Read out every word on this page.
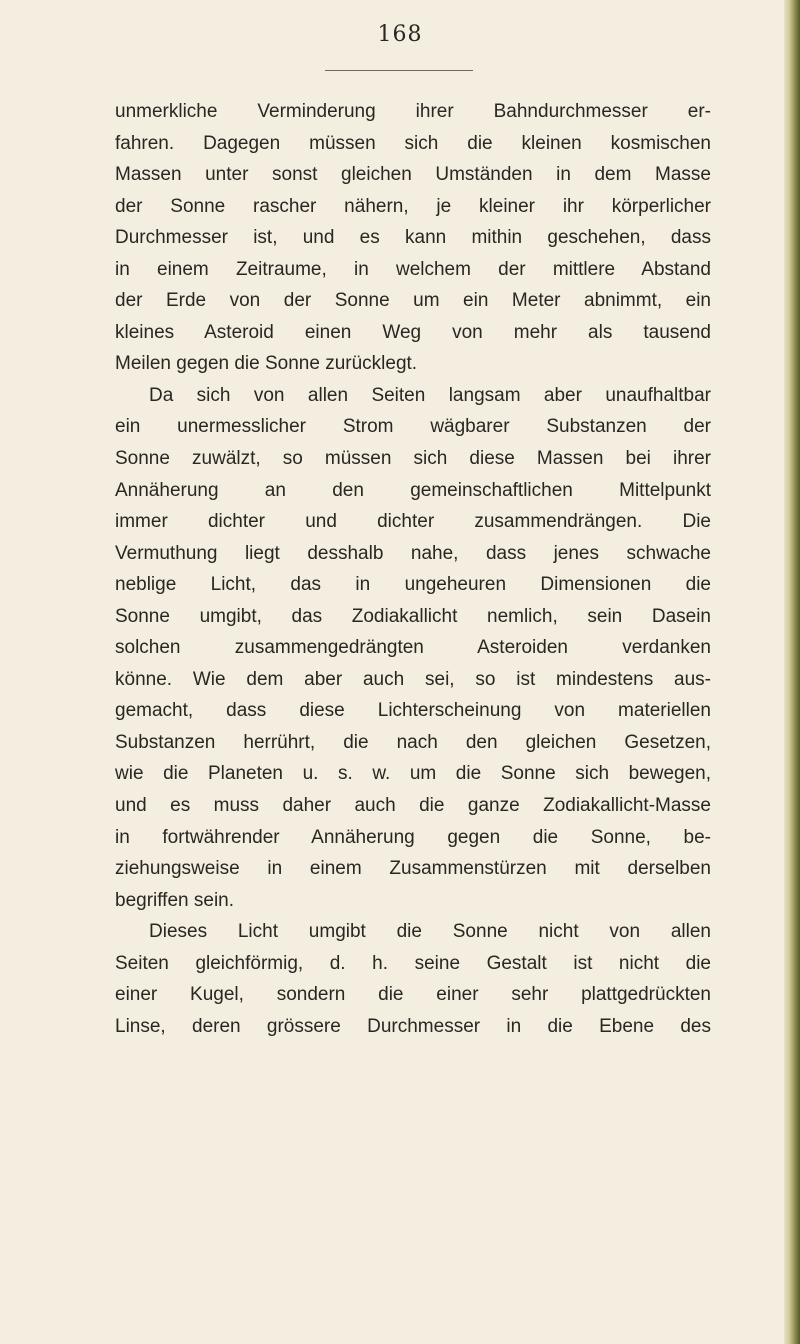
168
unmerkliche Verminderung ihrer Bahndurchmesser er-
fahren. Dagegen müssen sich die kleinen kosmischen
Massen unter sonst gleichen Umständen in dem Masse
der Sonne rascher nähern, je kleiner ihr körperlicher
Durchmesser ist, und es kann mithin geschehen, dass
in einem Zeitraume, in welchem der mittlere Abstand
der Erde von der Sonne um ein Meter abnimmt, ein
kleines Asteroid einen Weg von mehr als tausend
Meilen gegen die Sonne zurücklegt.
Da sich von allen Seiten langsam aber unaufhaltbar
ein unermesslicher Strom wägbarer Substanzen der
Sonne zuwälzt, so müssen sich diese Massen bei ihrer
Annäherung an den gemeinschaftlichen Mittelpunkt
immer dichter und dichter zusammendrängen. Die
Vermuthung liegt desshalb nahe, dass jenes schwache
neblige Licht, das in ungeheuren Dimensionen die
Sonne umgibt, das Zodiakallicht nemlich, sein Dasein
solchen zusammengedrängten Asteroiden verdanken
könne. Wie dem aber auch sei, so ist mindestens aus-
gemacht, dass diese Lichterscheinung von materiellen
Substanzen herrührt, die nach den gleichen Gesetzen,
wie die Planeten u. s. w. um die Sonne sich bewegen,
und es muss daher auch die ganze Zodiakallicht-Masse
in fortwährender Annäherung gegen die Sonne, be-
ziehungsweise in einem Zusammenstürzen mit derselben
begriffen sein.
Dieses Licht umgibt die Sonne nicht von allen
Seiten gleichförmig, d. h. seine Gestalt ist nicht die
einer Kugel, sondern die einer sehr plattgedrückten
Linse, deren grössere Durchmesser in die Ebene des
